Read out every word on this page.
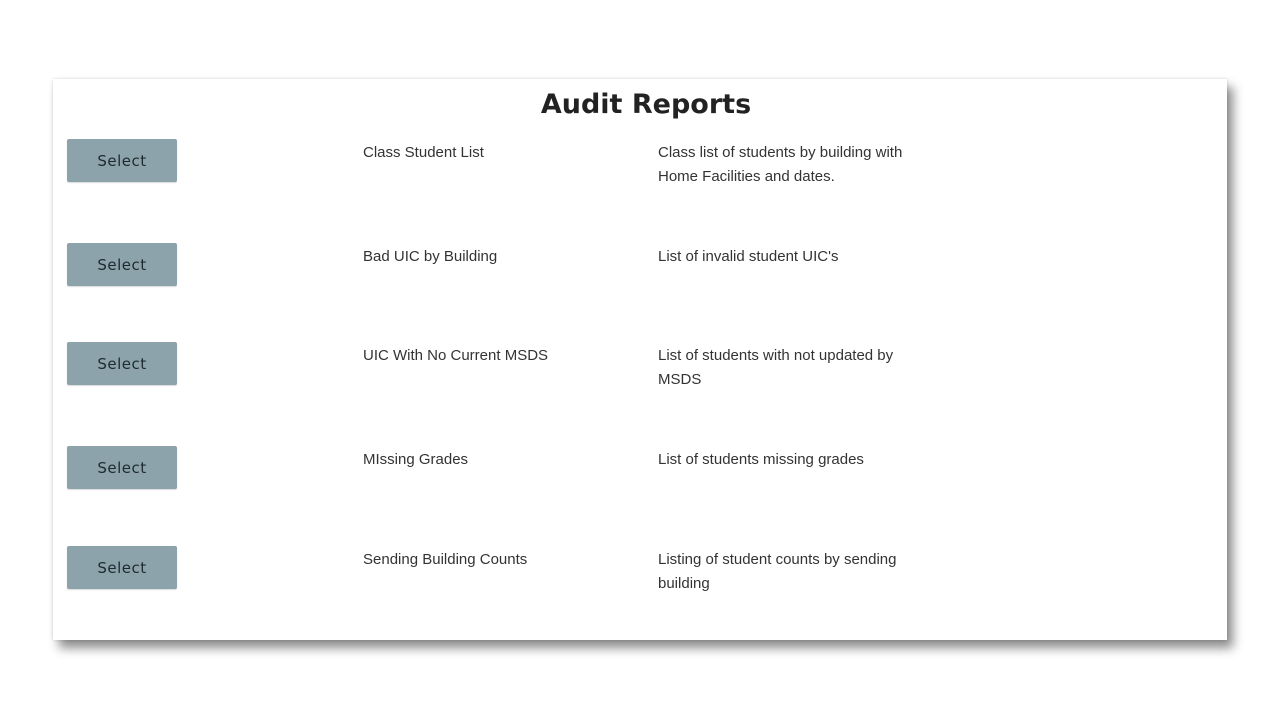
Audit Reports
Select	Class Student List	Class list of students by building with Home Facilities and dates.
Select	Bad UIC by Building	List of invalid student UIC's
Select	UIC With No Current MSDS	List of students with not updated by MSDS
Select	MIssing Grades	List of students missing grades
Select	Sending Building Counts	Listing of student counts by sending building
